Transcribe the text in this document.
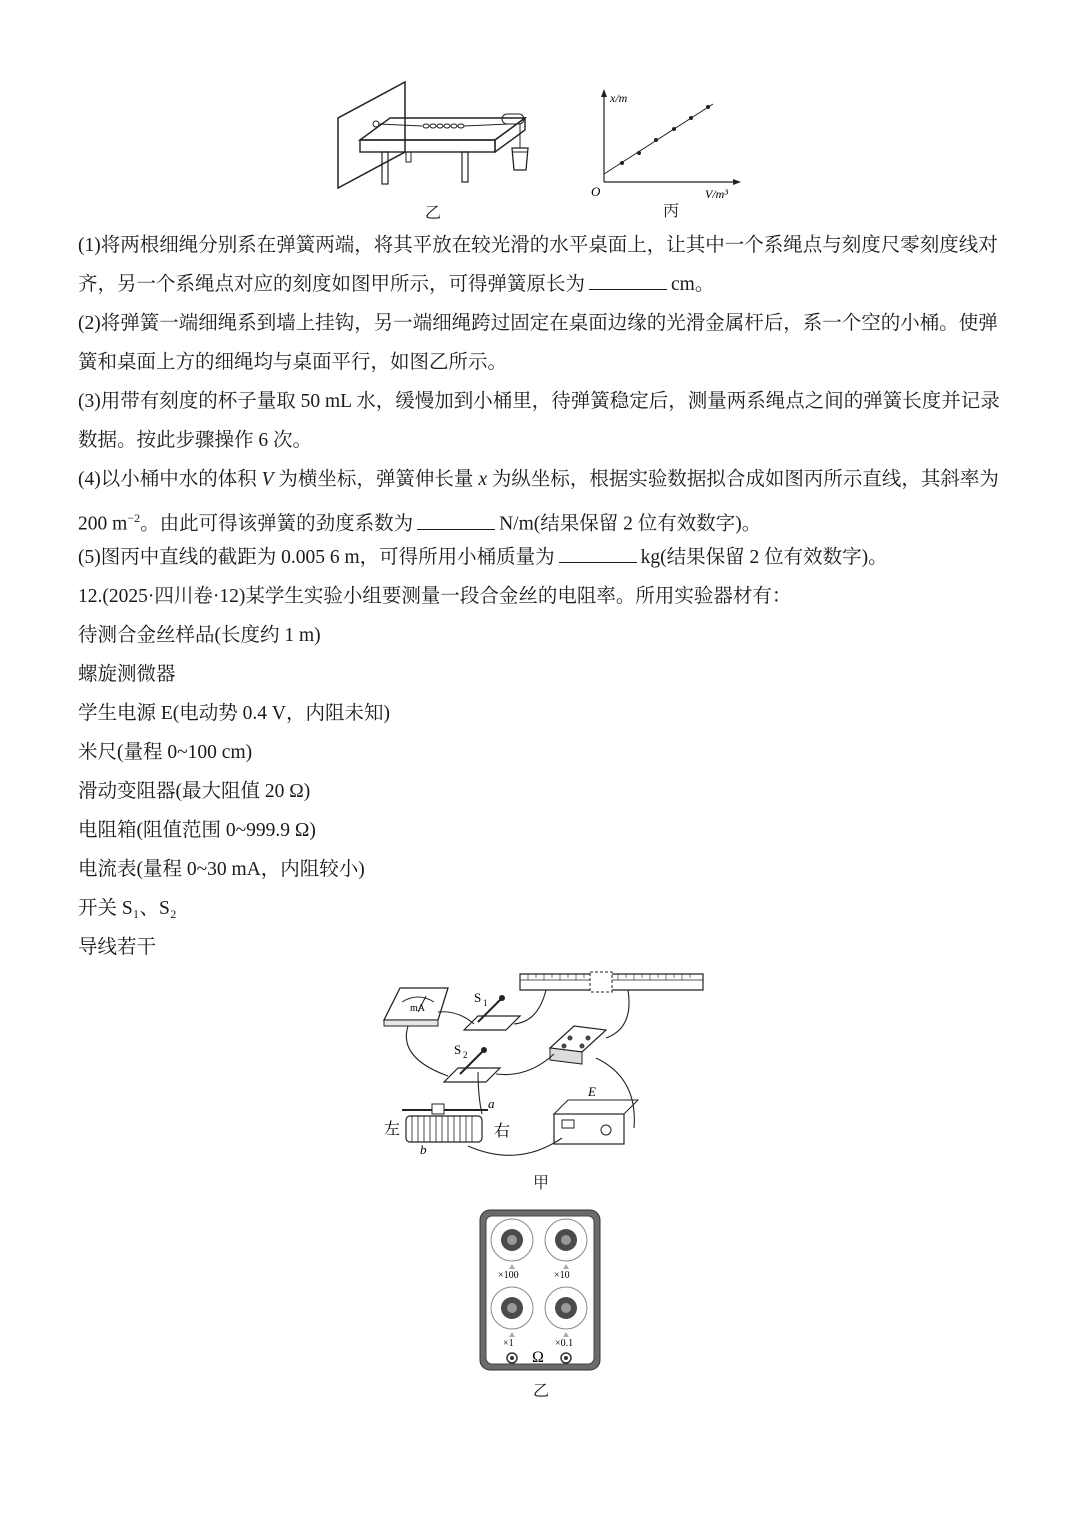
乙
x/m
O	V/m³
丙
(1)将两根细绳分别系在弹簧两端，将其平放在较光滑的水平桌面上，让其中一个系绳点与刻度尺零刻度线对齐，另一个系绳点对应的刻度如图甲所示，可得弹簧原长为	cm。
(2)将弹簧一端细绳系到墙上挂钩，另一端细绳跨过固定在桌面边缘的光滑金属杆后，系一个空的小桶。使弹簧和桌面上方的细绳均与桌面平行，如图乙所示。
(3)用带有刻度的杯子量取 50 mL 水，缓慢加到小桶里，待弹簧稳定后，测量两系绳点之间的弹簧长度并记录数据。按此步骤操作 6 次。
(4)以小桶中水的体积 V 为横坐标，弹簧伸长量 x 为纵坐标，根据实验数据拟合成如图丙所示直线，其斜率为 200 $m^{-2}$。由此可得该弹簧的劲度系数为	N/m(结果保留 2 位有效数字)。
(5)图丙中直线的截距为 0.005 6 m，可得所用小桶质量为	kg(结果保留 2 位有效数字)。
12.(2025·四川卷·12)某学生实验小组要测量一段合金丝的电阻率。所用实验器材有：
待测合金丝样品(长度约 1 m)
螺旋测微器
学生电源 E(电动势 0.4 V，内阻未知)
米尺(量程 0~100 cm)
滑动变阻器(最大阻值 20 Ω)
电阻箱(阻值范围 0~999.9 Ω)
电流表(量程 0~30 mA，内阻较小)
开关 S₁、S₂
导线若干
mA
S 1
S 2
E
左	右
a
b
甲
×100	×10
×1	×0.1
Ω
乙
